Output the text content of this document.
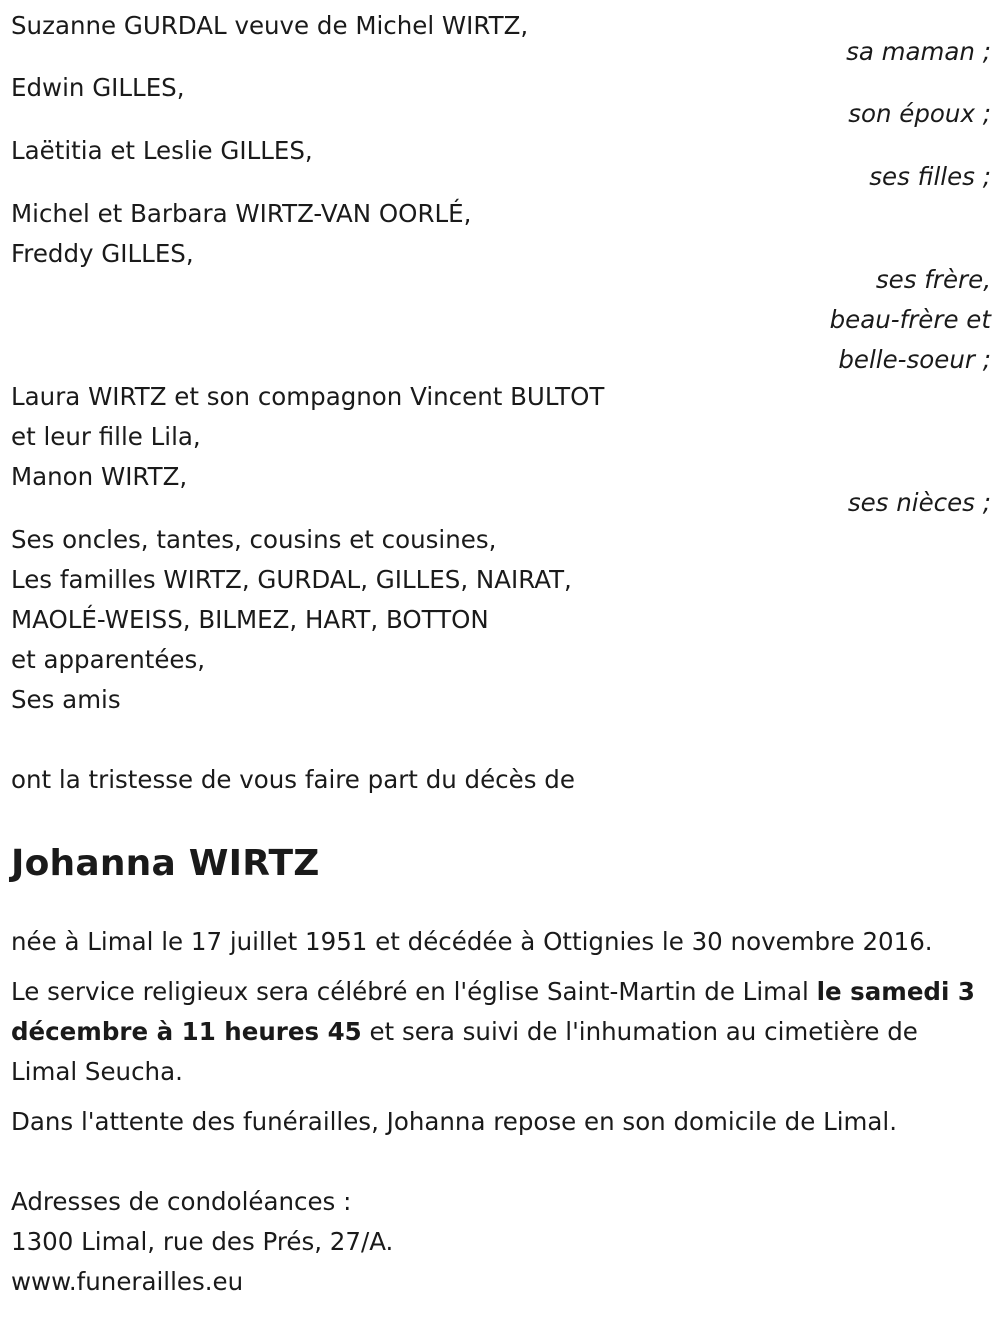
Suzanne GURDAL veuve de Michel WIRTZ,
sa maman ;
Edwin GILLES,
son époux ;
Laëtitia et Leslie GILLES,
ses filles ;
Michel et Barbara WIRTZ-VAN OORLÉ,
Freddy GILLES,
ses frère,
beau-frère et
belle-soeur ;
Laura WIRTZ et son compagnon Vincent BULTOT
et leur fille Lila,
Manon WIRTZ,
ses nièces ;
Ses oncles, tantes, cousins et cousines,
Les familles WIRTZ, GURDAL, GILLES, NAIRAT,
MAOLÉ-WEISS, BILMEZ, HART, BOTTON
et apparentées,
Ses amis
ont la tristesse de vous faire part du décès de
Johanna WIRTZ
née à Limal le 17 juillet 1951 et décédée à Ottignies le 30 novembre 2016.

Le service religieux sera célébré en l'église Saint-Martin de Limal le samedi 3 décembre à 11 heures 45 et sera suivi de l'inhumation au cimetière de Limal Seucha.

Dans l'attente des funérailles, Johanna repose en son domicile de Limal.
Adresses de condoléances :
1300 Limal, rue des Prés, 27/A.
www.funerailles.eu
